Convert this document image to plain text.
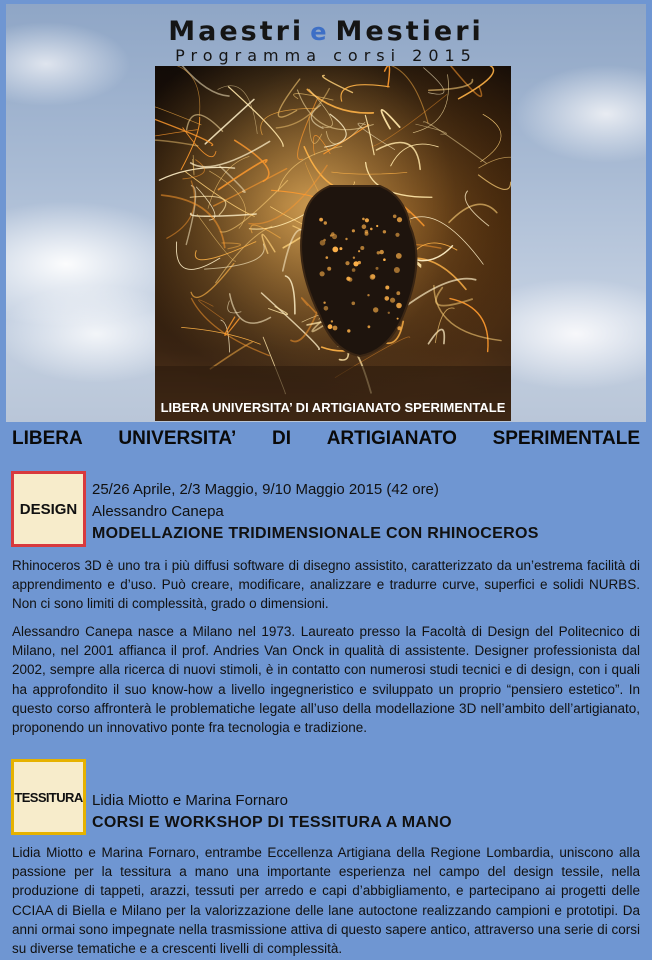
Maestri e Mestieri
Programma corsi 2015
LIBERA UNIVERSITA’ DI ARTIGIANATO SPERIMENTALE
LIBERA UNIVERSITA’ DI ARTIGIANATO SPERIMENTALE
DESIGN
25/26 Aprile, 2/3 Maggio, 9/10 Maggio 2015 (42 ore)
Alessandro Canepa
MODELLAZIONE TRIDIMENSIONALE CON RHINOCEROS
Rhinoceros 3D è uno tra i più diffusi software di disegno assistito, caratterizzato da un’estrema facilità di apprendimento e d’uso. Può creare, modificare, analizzare e tradurre curve, superfici e solidi NURBS. Non ci sono limiti di complessità, grado o dimensioni.
Alessandro Canepa nasce a Milano nel 1973. Laureato presso la Facoltà di Design del Politecnico di Milano, nel 2001 affianca il prof. Andries Van Onck in qualità di assistente. Designer professionista dal 2002, sempre alla ricerca di nuovi stimoli, è in contatto con numerosi studi tecnici e di design, con i quali ha approfondito il suo know-how a livello ingegneristico e sviluppato un proprio “pensiero estetico”. In questo corso affronterà le problematiche legate all’uso della modellazione 3D nell’ambito dell’artigianato, proponendo un innovativo ponte fra tecnologia e tradizione.
TESSITURA Lidia Miotto e Marina Fornaro
CORSI E WORKSHOP DI TESSITURA A MANO
Lidia Miotto e Marina Fornaro, entrambe Eccellenza Artigiana della Regione Lombardia, uniscono alla passione per la tessitura a mano una importante esperienza nel campo del design tessile, nella produzione di tappeti, arazzi, tessuti per arredo e capi d’abbigliamento, e partecipano ai progetti delle CCIAA di Biella e Milano per la valorizzazione delle lane autoctone realizzando campioni e prototipi. Da anni ormai sono impegnate nella trasmissione attiva di questo sapere antico, attraverso una serie di corsi su diverse tematiche e a crescenti livelli di complessità.
